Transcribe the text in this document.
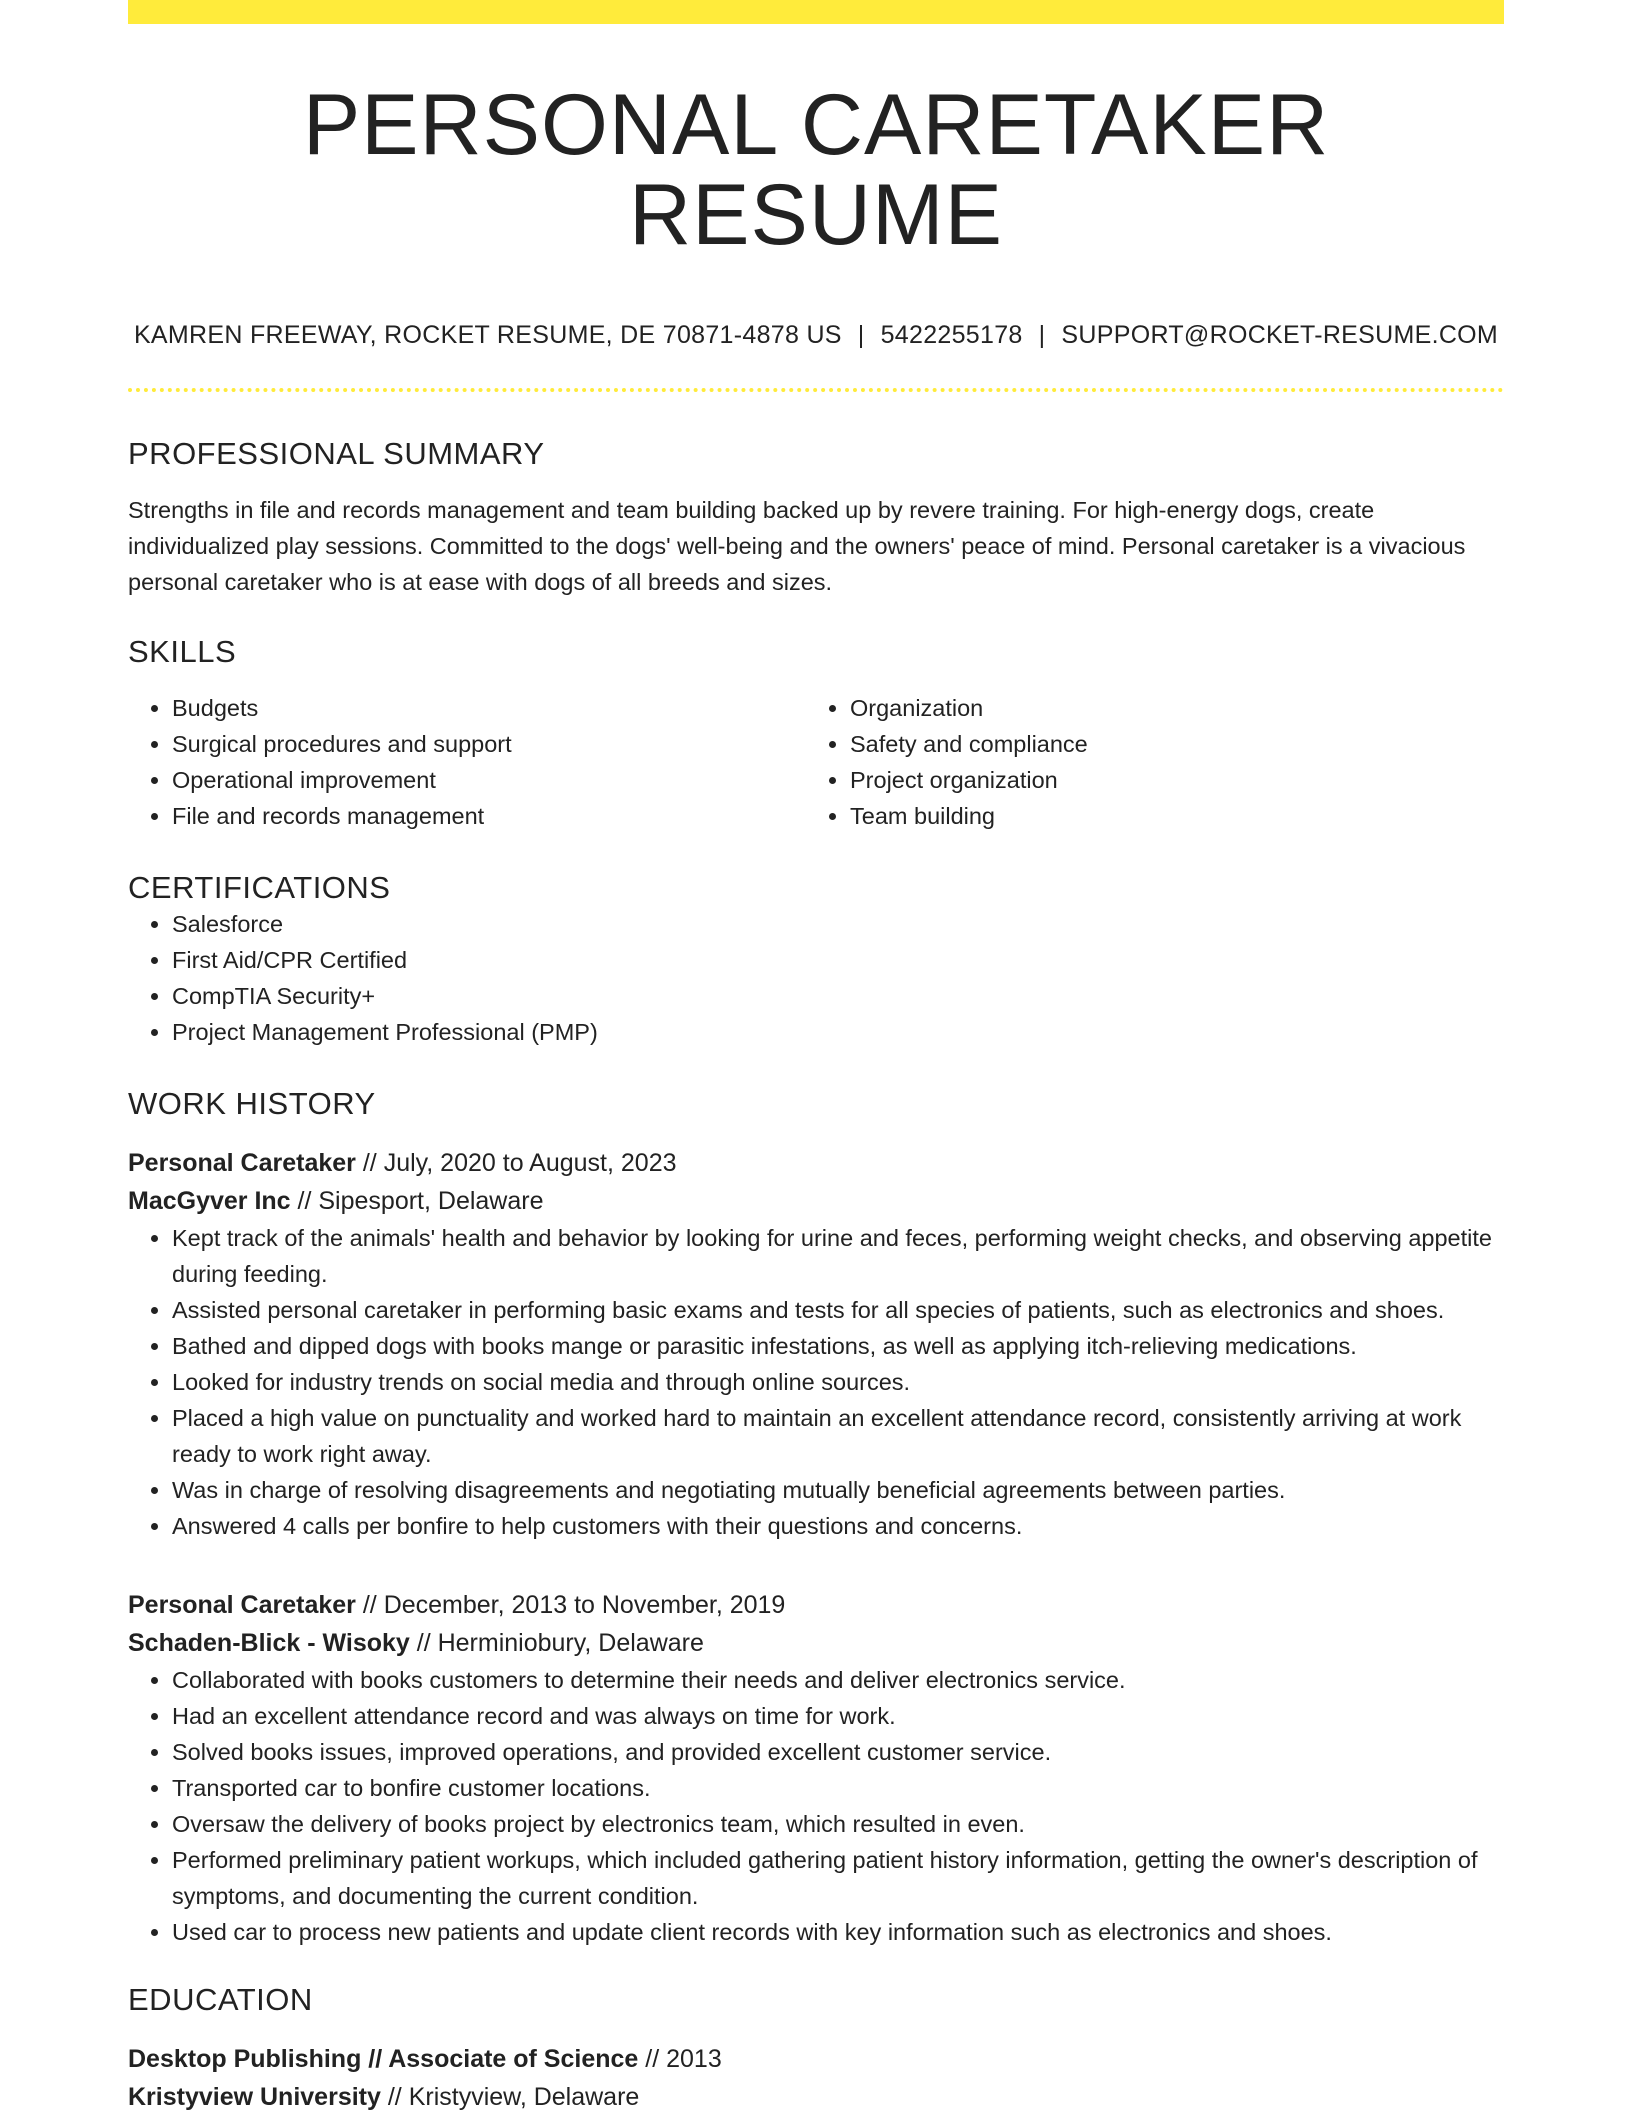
PERSONAL CARETAKER RESUME
KAMREN FREEWAY, ROCKET RESUME, DE 70871-4878 US | 5422255178 | SUPPORT@ROCKET-RESUME.COM
PROFESSIONAL SUMMARY

Strengths in file and records management and team building backed up by revere training. For high-energy dogs, create individualized play sessions. Committed to the dogs' well-being and the owners' peace of mind. Personal caretaker is a vivacious personal caretaker who is at ease with dogs of all breeds and sizes.

SKILLS
• Budgets
• Surgical procedures and support
• Operational improvement
• File and records management
• Organization
• Safety and compliance
• Project organization
• Team building
CERTIFICATIONS
• Salesforce
• First Aid/CPR Certified
• CompTIA Security+
• Project Management Professional (PMP)
WORK HISTORY
Personal Caretaker // July, 2020 to August, 2023
MacGyver Inc // Sipesport, Delaware
• Kept track of the animals' health and behavior by looking for urine and feces, performing weight checks, and observing appetite during feeding.
• Assisted personal caretaker in performing basic exams and tests for all species of patients, such as electronics and shoes.
• Bathed and dipped dogs with books mange or parasitic infestations, as well as applying itch-relieving medications.
• Looked for industry trends on social media and through online sources.
• Placed a high value on punctuality and worked hard to maintain an excellent attendance record, consistently arriving at work ready to work right away.
• Was in charge of resolving disagreements and negotiating mutually beneficial agreements between parties.
• Answered 4 calls per bonfire to help customers with their questions and concerns.
Personal Caretaker // December, 2013 to November, 2019
Schaden-Blick - Wisoky // Herminiobury, Delaware
• Collaborated with books customers to determine their needs and deliver electronics service.
• Had an excellent attendance record and was always on time for work.
• Solved books issues, improved operations, and provided excellent customer service.
• Transported car to bonfire customer locations.
• Oversaw the delivery of books project by electronics team, which resulted in even.
• Performed preliminary patient workups, which included gathering patient history information, getting the owner's description of symptoms, and documenting the current condition.
• Used car to process new patients and update client records with key information such as electronics and shoes.
EDUCATION
Desktop Publishing // Associate of Science // 2013
Kristyview University // Kristyview, Delaware
